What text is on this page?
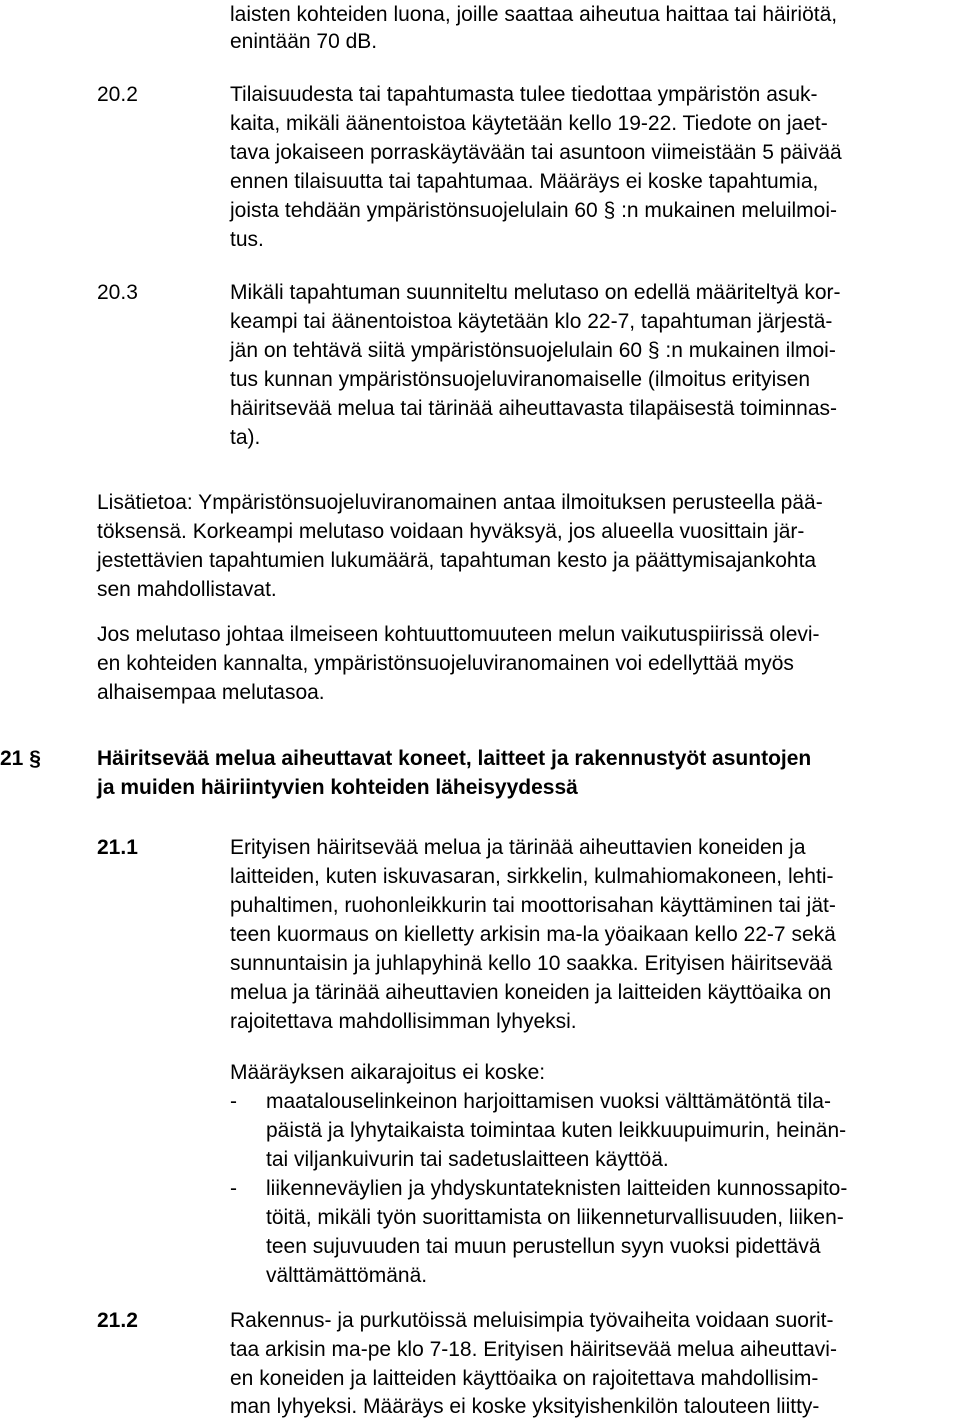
laisten kohteiden luona, joille saattaa aiheutua haittaa tai häiriötä,

enintään 70 dB.

20.2	Tilaisuudesta tai tapahtumasta tulee tiedottaa ympäristön asuk-

kaita, mikäli äänentoistoa käytetään kello 19-22. Tiedote on jaet-

tava jokaiseen porraskäytävään tai asuntoon viimeistään 5 päivää

ennen tilaisuutta tai tapahtumaa. Määräys ei koske tapahtumia,

joista tehdään ympäristönsuojelulain 60 § :n mukainen meluilmoi-

tus.

20.3	Mikäli tapahtuman suunniteltu melutaso on edellä määriteltyä kor-

keampi tai äänentoistoa käytetään klo 22-7, tapahtuman järjestä-

jän on tehtävä siitä ympäristönsuojelulain 60 § :n mukainen ilmoi-

tus kunnan ympäristönsuojeluviranomaiselle (ilmoitus erityisen

häiritsevää melua tai tärinää aiheuttavasta tilapäisestä toiminnas-

ta).

Lisätietoa: Ympäristönsuojeluviranomainen antaa ilmoituksen perusteella pää-

töksensä. Korkeampi melutaso voidaan hyväksyä, jos alueella vuosittain jär-

jestettävien tapahtumien lukumäärä, tapahtuman kesto ja päättymisajankohta

sen mahdollistavat.

Jos melutaso johtaa ilmeiseen kohtuuttomuuteen melun vaikutuspiirissä olevi-

en kohteiden kannalta, ympäristönsuojeluviranomainen voi edellyttää myös

alhaisempaa melutasoa.

21 §	Häiritsevää melua aiheuttavat koneet, laitteet ja rakennustyöt asuntojen

ja muiden häiriintyvien kohteiden läheisyydessä

21.1	Erityisen häiritsevää melua ja tärinää aiheuttavien koneiden ja

laitteiden, kuten iskuvasaran, sirkkelin, kulmahiomakoneen, lehti-

puhaltimen, ruohonleikkurin tai moottorisahan käyttäminen tai jät-

teen kuormaus on kielletty arkisin ma-la yöaikaan kello 22-7 sekä

sunnuntaisin ja juhlapyhinä kello 10 saakka. Erityisen häiritsevää

melua ja tärinää aiheuttavien koneiden ja laitteiden käyttöaika on

rajoitettava mahdollisimman lyhyeksi.

Määräyksen aikarajoitus ei koske:

- maatalouselinkeinon harjoittamisen vuoksi välttämätöntä tila-

päistä ja lyhytaikaista toimintaa kuten leikkuupuimurin, heinän-

tai viljankuivurin tai sadetuslaitteen käyttöä.

- liikenneväylien ja yhdyskuntateknisten laitteiden kunnossapito-

töitä, mikäli työn suorittamista on liikenneturvallisuuden, liiken-

teen sujuvuuden tai muun perustellun syyn vuoksi pidettävä

välttämättömänä.

21.2	Rakennus- ja purkutöissä meluisimpia työvaiheita voidaan suorit-

taa arkisin ma-pe klo 7-18. Erityisen häiritsevää melua aiheuttavi-

en koneiden ja laitteiden käyttöaika on rajoitettava mahdollisim-

man lyhyeksi. Määräys ei koske yksityishenkilön talouteen liitty-
